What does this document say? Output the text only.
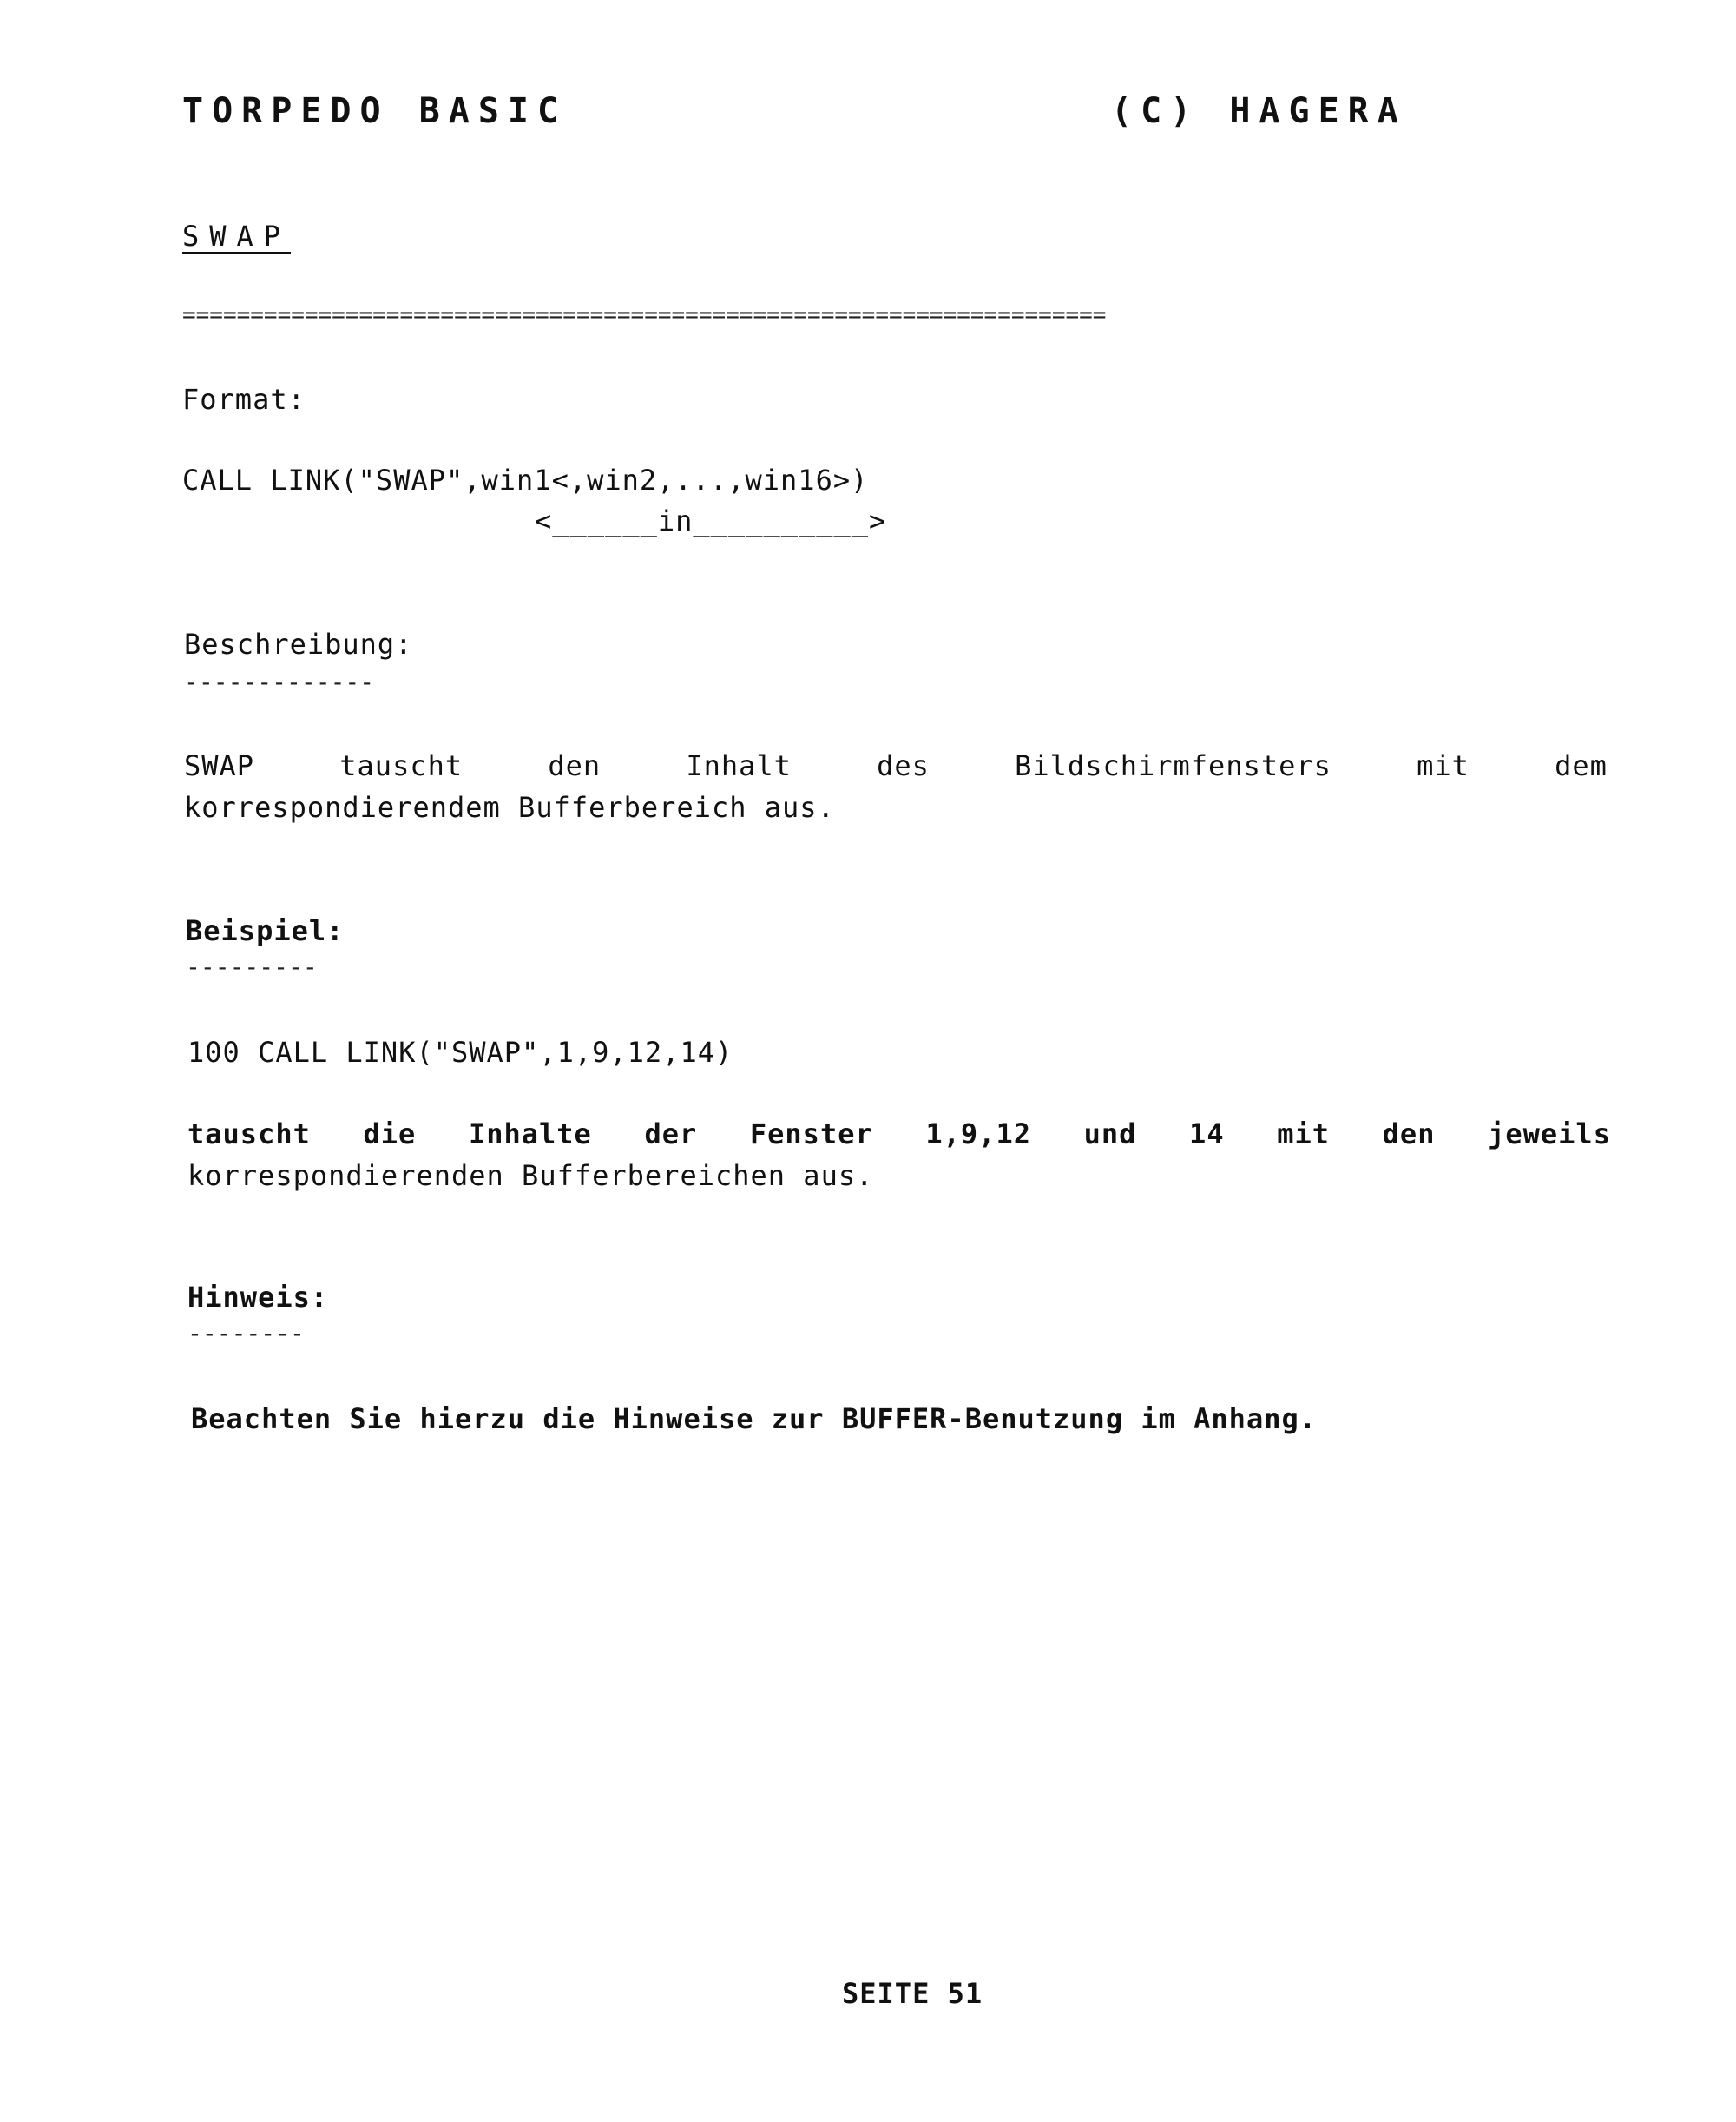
TORPEDO BASIC	(C) HAGERA
SWAP
====================================================================
Format:
CALL LINK("SWAP",win1<,win2,...,win16>)
<______in__________>
Beschreibung:
-------------
SWAP	tauscht	den	Inhalt	des	Bildschirmfensters	mit	dem
korrespondierendem Bufferbereich aus.
Beispiel:
---------
100 CALL LINK("SWAP",1,9,12,14)
tauscht die Inhalte der Fenster 1,9,12 und 14 mit den jeweils
korrespondierenden Bufferbereichen aus.
Hinweis:
--------
Beachten Sie hierzu die Hinweise zur BUFFER-Benutzung im Anhang.
SEITE 51
